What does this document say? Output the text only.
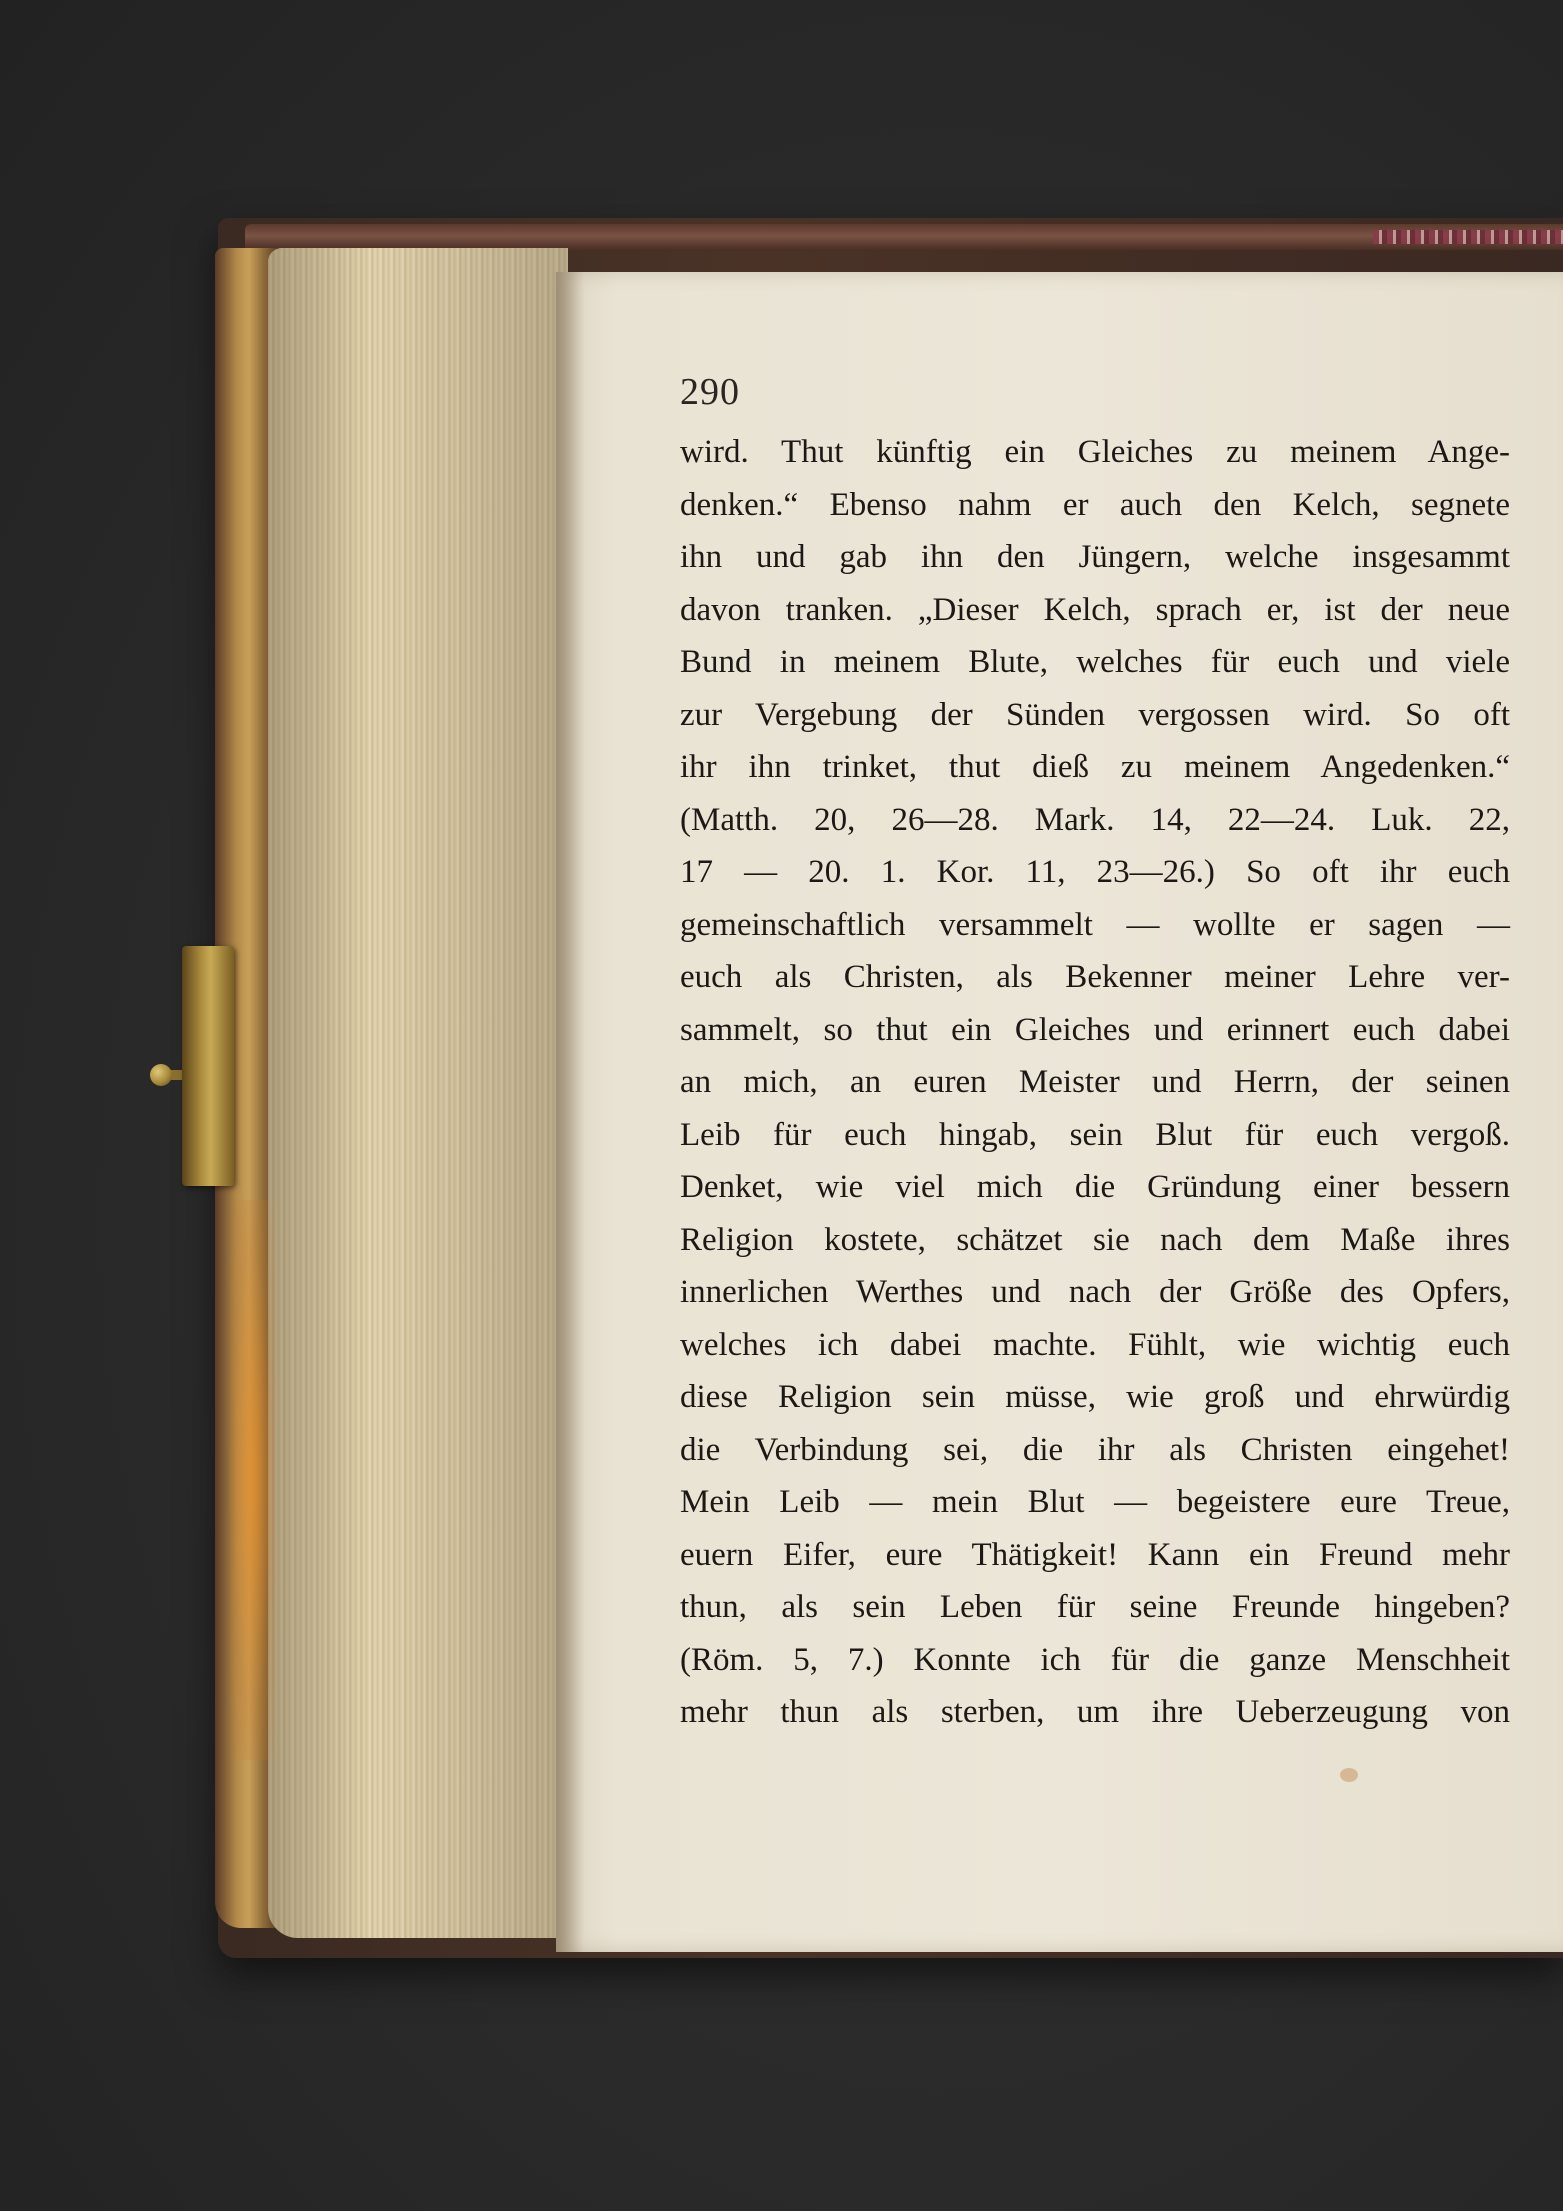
290
wird. Thut künftig ein Gleiches zu meinem Ange-
denken.“ Ebenso nahm er auch den Kelch, segnete
ihn und gab ihn den Jüngern, welche insgesammt
davon tranken. „Dieser Kelch, sprach er, ist der neue
Bund in meinem Blute, welches für euch und viele
zur Vergebung der Sünden vergossen wird. So oft
ihr ihn trinket, thut dieß zu meinem Angedenken.“
(Matth. 20, 26—28. Mark. 14, 22—24. Luk. 22,
17 — 20. 1. Kor. 11, 23—26.) So oft ihr euch
gemeinschaftlich versammelt — wollte er sagen —
euch als Christen, als Bekenner meiner Lehre ver-
sammelt, so thut ein Gleiches und erinnert euch dabei
an mich, an euren Meister und Herrn, der seinen
Leib für euch hingab, sein Blut für euch vergoß.
Denket, wie viel mich die Gründung einer bessern
Religion kostete, schätzet sie nach dem Maße ihres
innerlichen Werthes und nach der Größe des Opfers,
welches ich dabei machte. Fühlt, wie wichtig euch
diese Religion sein müsse, wie groß und ehrwürdig
die Verbindung sei, die ihr als Christen eingehet!
Mein Leib — mein Blut — begeistere eure Treue,
euern Eifer, eure Thätigkeit! Kann ein Freund mehr
thun, als sein Leben für seine Freunde hingeben?
(Röm. 5, 7.) Konnte ich für die ganze Menschheit
mehr thun als sterben, um ihre Ueberzeugung von
